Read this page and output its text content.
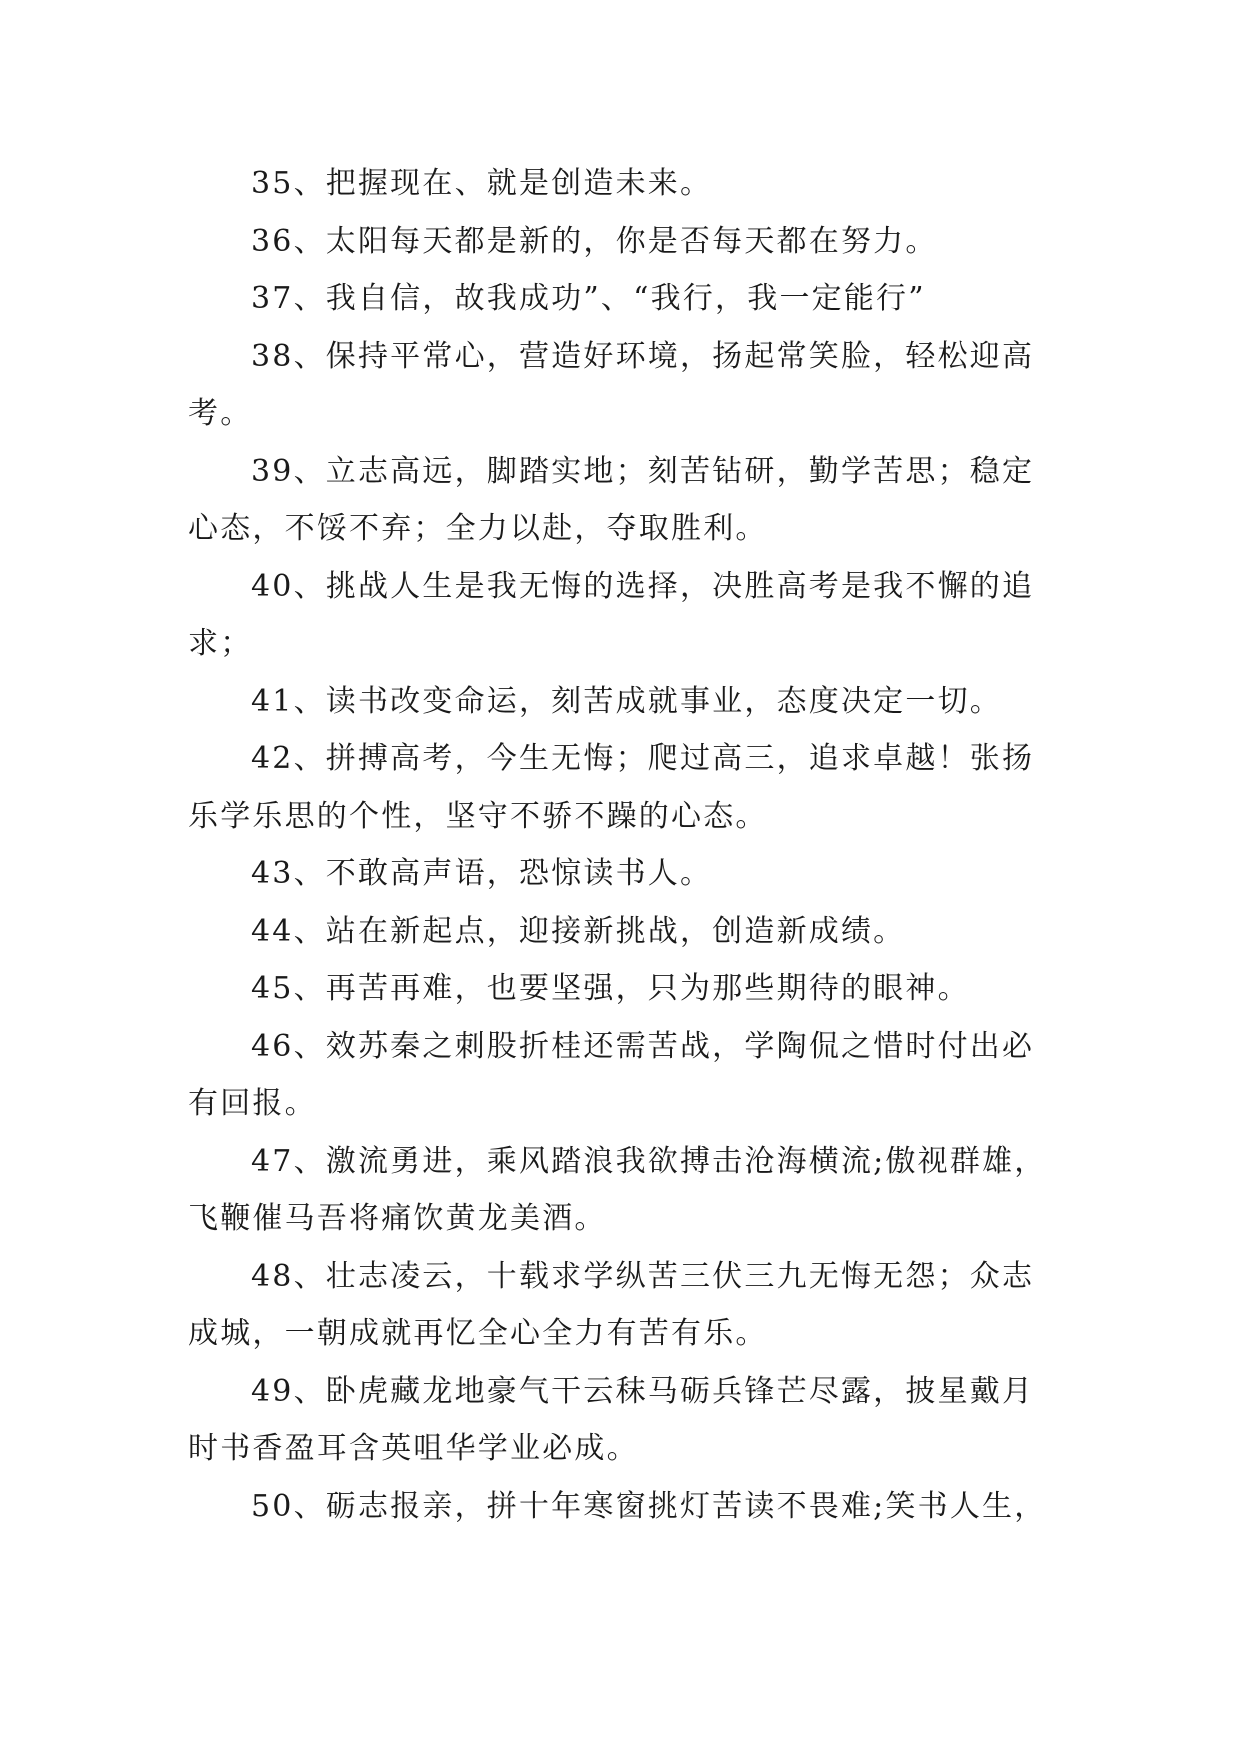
35、把握现在、就是创造未来。
36、太阳每天都是新的，你是否每天都在努力。
37、我自信，故我成功”、“我行，我一定能行”
38、保持平常心，营造好环境，扬起常笑脸，轻松迎高
考。
39、立志高远，脚踏实地；刻苦钻研，勤学苦思；稳定
心态，不馁不弃；全力以赴，夺取胜利。
40、挑战人生是我无悔的选择，决胜高考是我不懈的追
求；
41、读书改变命运，刻苦成就事业，态度决定一切。
42、拼搏高考，今生无悔；爬过高三，追求卓越！张扬
乐学乐思的个性，坚守不骄不躁的心态。
43、不敢高声语，恐惊读书人。
44、站在新起点，迎接新挑战，创造新成绩。
45、再苦再难，也要坚强，只为那些期待的眼神。
46、效苏秦之刺股折桂还需苦战，学陶侃之惜时付出必
有回报。
47、激流勇进，乘风踏浪我欲搏击沧海横流;傲视群雄，
飞鞭催马吾将痛饮黄龙美酒。
48、壮志凌云，十载求学纵苦三伏三九无悔无怨；众志
成城，一朝成就再忆全心全力有苦有乐。
49、卧虎藏龙地豪气干云秣马砺兵锋芒尽露，披星戴月
时书香盈耳含英咀华学业必成。
50、砺志报亲，拼十年寒窗挑灯苦读不畏难;笑书人生，
